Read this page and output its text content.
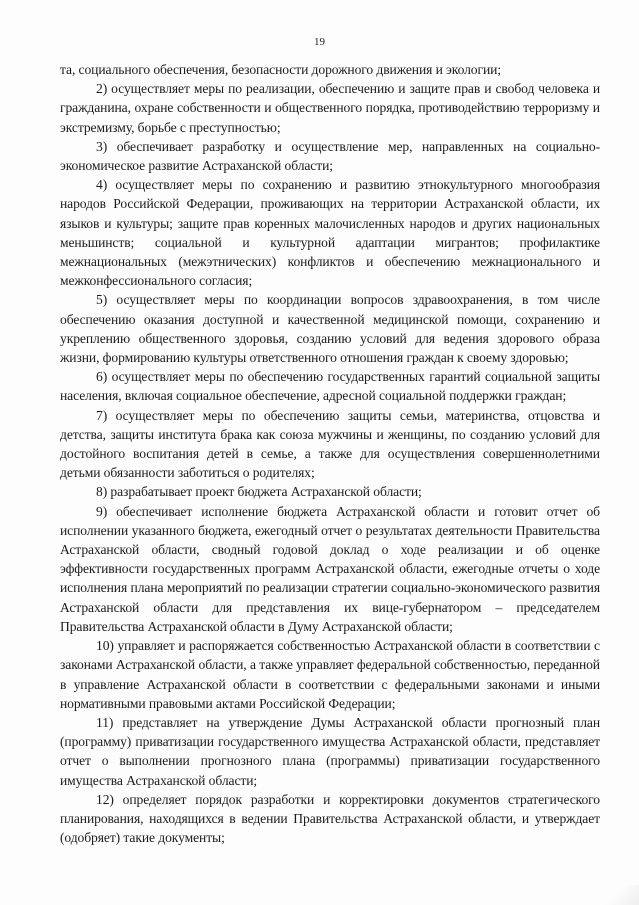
19

та, социального обеспечения, безопасности дорожного движения и экологии;

2) осуществляет меры по реализации, обеспечению и защите прав и свобод человека и гражданина, охране собственности и общественного порядка, противодействию терроризму и экстремизму, борьбе с преступностью;

3) обеспечивает разработку и осуществление мер, направленных на социально-экономическое развитие Астраханской области;

4) осуществляет меры по сохранению и развитию этнокультурного многообразия народов Российской Федерации, проживающих на территории Астраханской области, их языков и культуры; защите прав коренных малочисленных народов и других национальных меньшинств; социальной и культурной адаптации мигрантов; профилактике межнациональных (межэтнических) конфликтов и обеспечению межнационального и межконфессионального согласия;

5) осуществляет меры по координации вопросов здравоохранения, в том числе обеспечению оказания доступной и качественной медицинской помощи, сохранению и укреплению общественного здоровья, созданию условий для ведения здорового образа жизни, формированию культуры ответственного отношения граждан к своему здоровью;

6) осуществляет меры по обеспечению государственных гарантий социальной защиты населения, включая социальное обеспечение, адресной социальной поддержки граждан;

7) осуществляет меры по обеспечению защиты семьи, материнства, отцовства и детства, защиты института брака как союза мужчины и женщины, по созданию условий для достойного воспитания детей в семье, а также для осуществления совершеннолетними детьми обязанности заботиться о родителях;

8) разрабатывает проект бюджета Астраханской области;

9) обеспечивает исполнение бюджета Астраханской области и готовит отчет об исполнении указанного бюджета, ежегодный отчет о результатах деятельности Правительства Астраханской области, сводный годовой доклад о ходе реализации и об оценке эффективности государственных программ Астраханской области, ежегодные отчеты о ходе исполнения плана мероприятий по реализации стратегии социально-экономического развития Астраханской области для представления их вице-губернатором – председателем Правительства Астраханской области в Думу Астраханской области;

10) управляет и распоряжается собственностью Астраханской области в соответствии с законами Астраханской области, а также управляет федеральной собственностью, переданной в управление Астраханской области в соответствии с федеральными законами и иными нормативными правовыми актами Российской Федерации;

11) представляет на утверждение Думы Астраханской области прогнозный план (программу) приватизации государственного имущества Астраханской области, представляет отчет о выполнении прогнозного плана (программы) приватизации государственного имущества Астраханской области;

12) определяет порядок разработки и корректировки документов стратегического планирования, находящихся в ведении Правительства Астраханской области, и утверждает (одобряет) такие документы;
